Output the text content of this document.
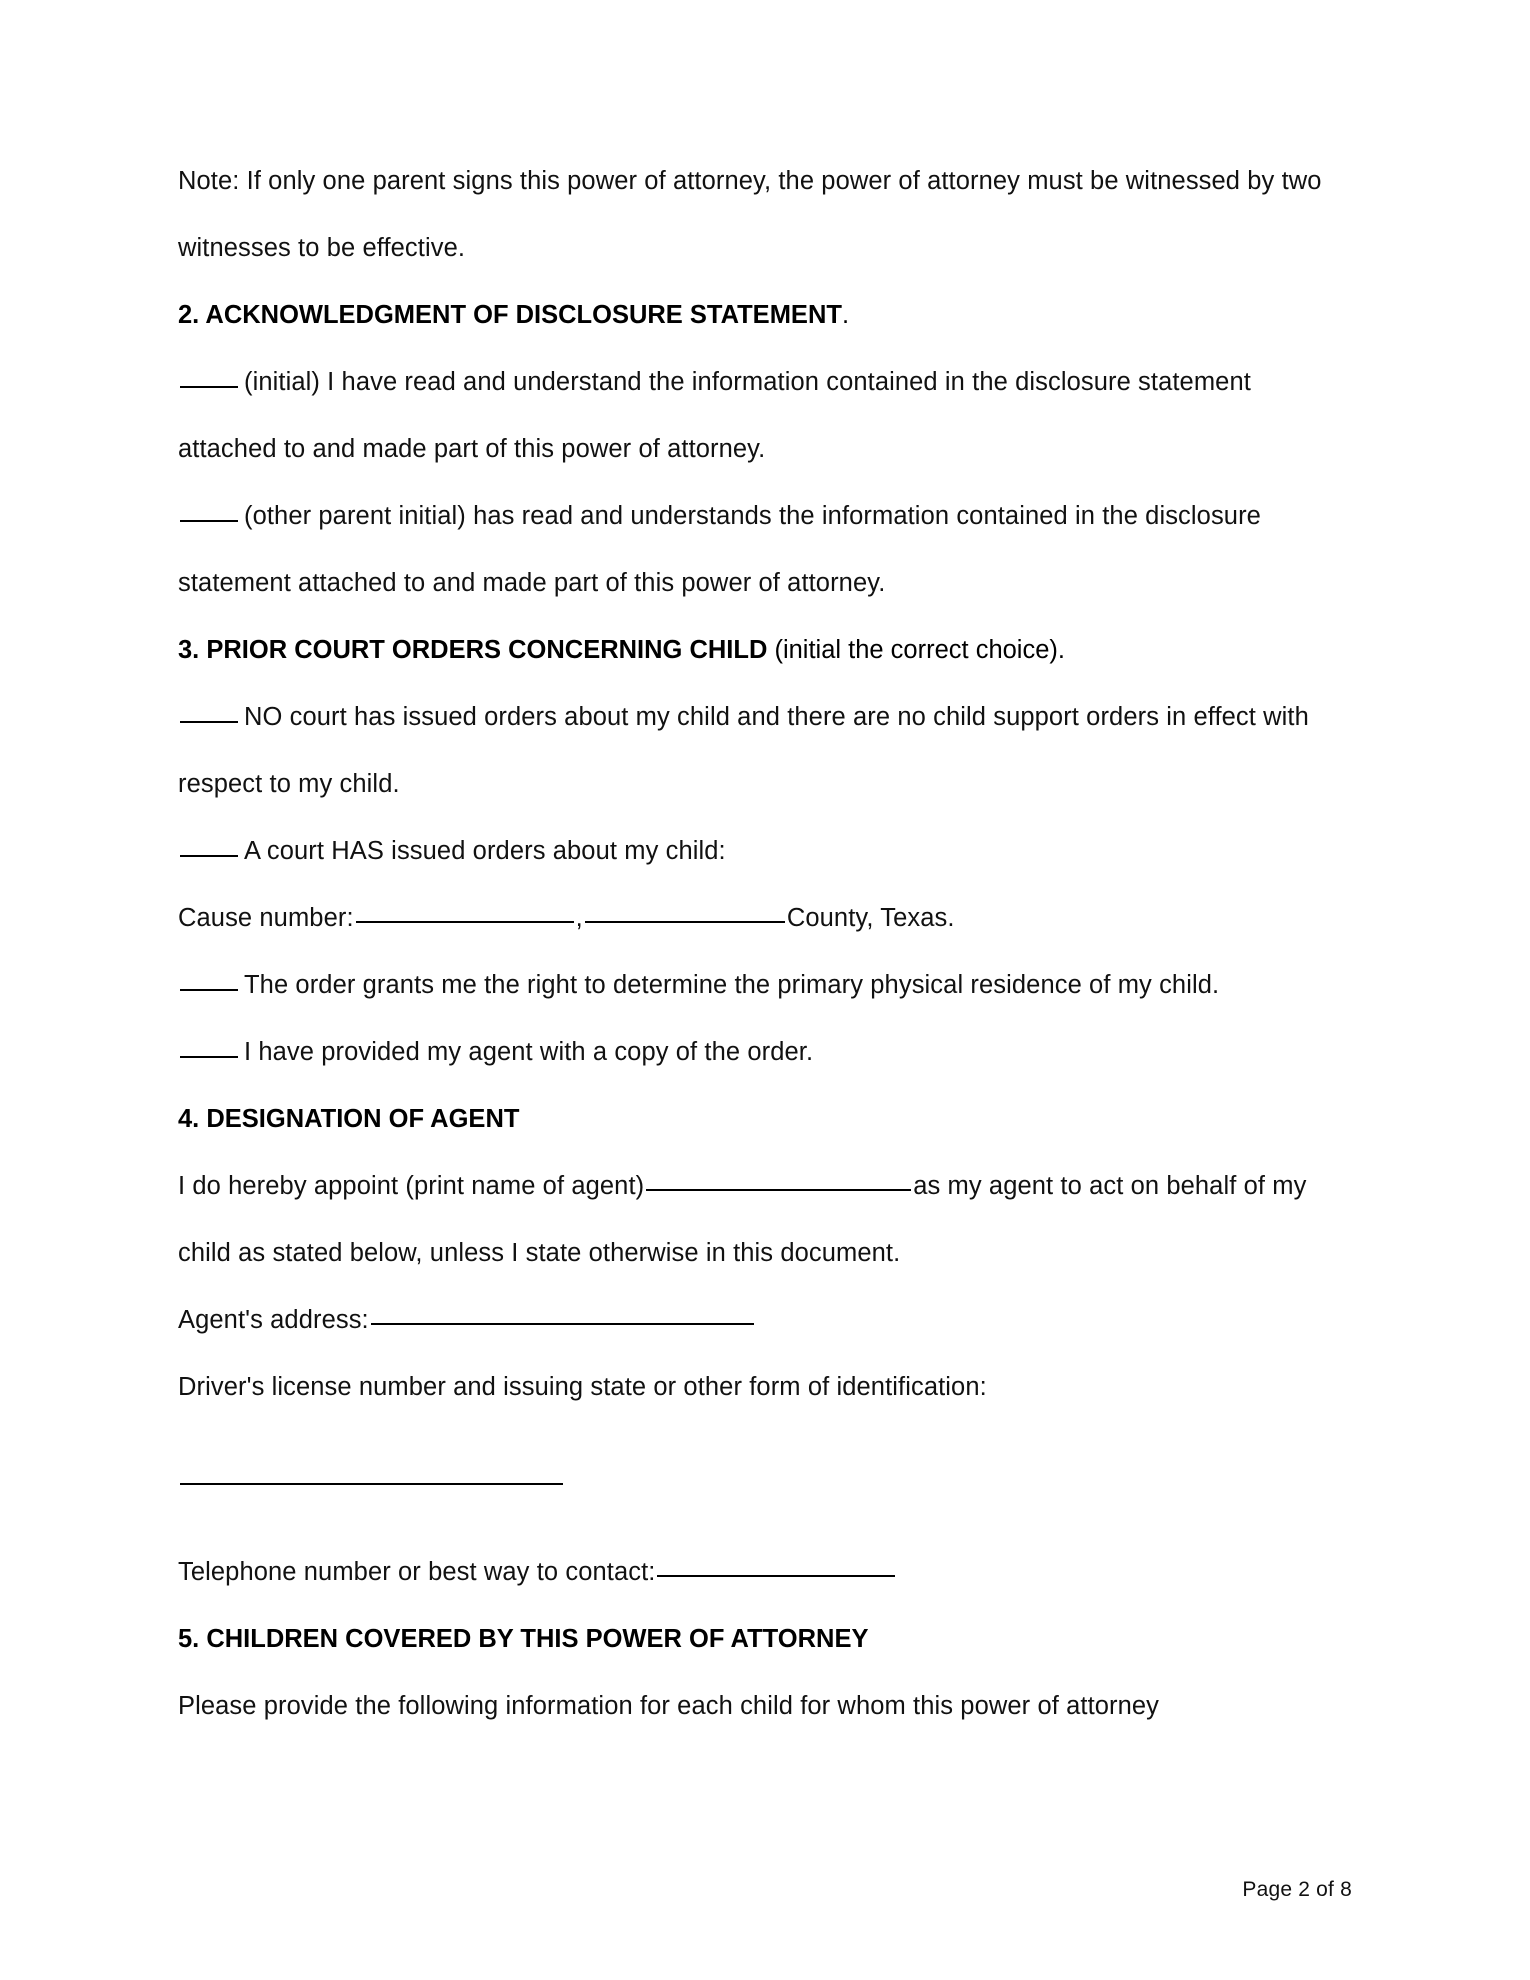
Note: If only one parent signs this power of attorney, the power of attorney must be witnessed by two witnesses to be effective.

2. ACKNOWLEDGMENT OF DISCLOSURE STATEMENT.

(initial) I have read and understand the information contained in the disclosure statement attached to and made part of this power of attorney.

(other parent initial) has read and understands the information contained in the disclosure statement attached to and made part of this power of attorney.

3. PRIOR COURT ORDERS CONCERNING CHILD (initial the correct choice).

NO court has issued orders about my child and there are no child support orders in effect with respect to my child.

A court HAS issued orders about my child:

Cause number:	,	County, Texas.

The order grants me the right to determine the primary physical residence of my child.

I have provided my agent with a copy of the order.

4. DESIGNATION OF AGENT

I do hereby appoint (print name of agent)	as my agent to act on behalf of my child as stated below, unless I state otherwise in this document.

Agent's address:

Driver's license number and issuing state or other form of identification:

Telephone number or best way to contact:

5. CHILDREN COVERED BY THIS POWER OF ATTORNEY

Please provide the following information for each child for whom this power of attorney

Page 2 of 8
